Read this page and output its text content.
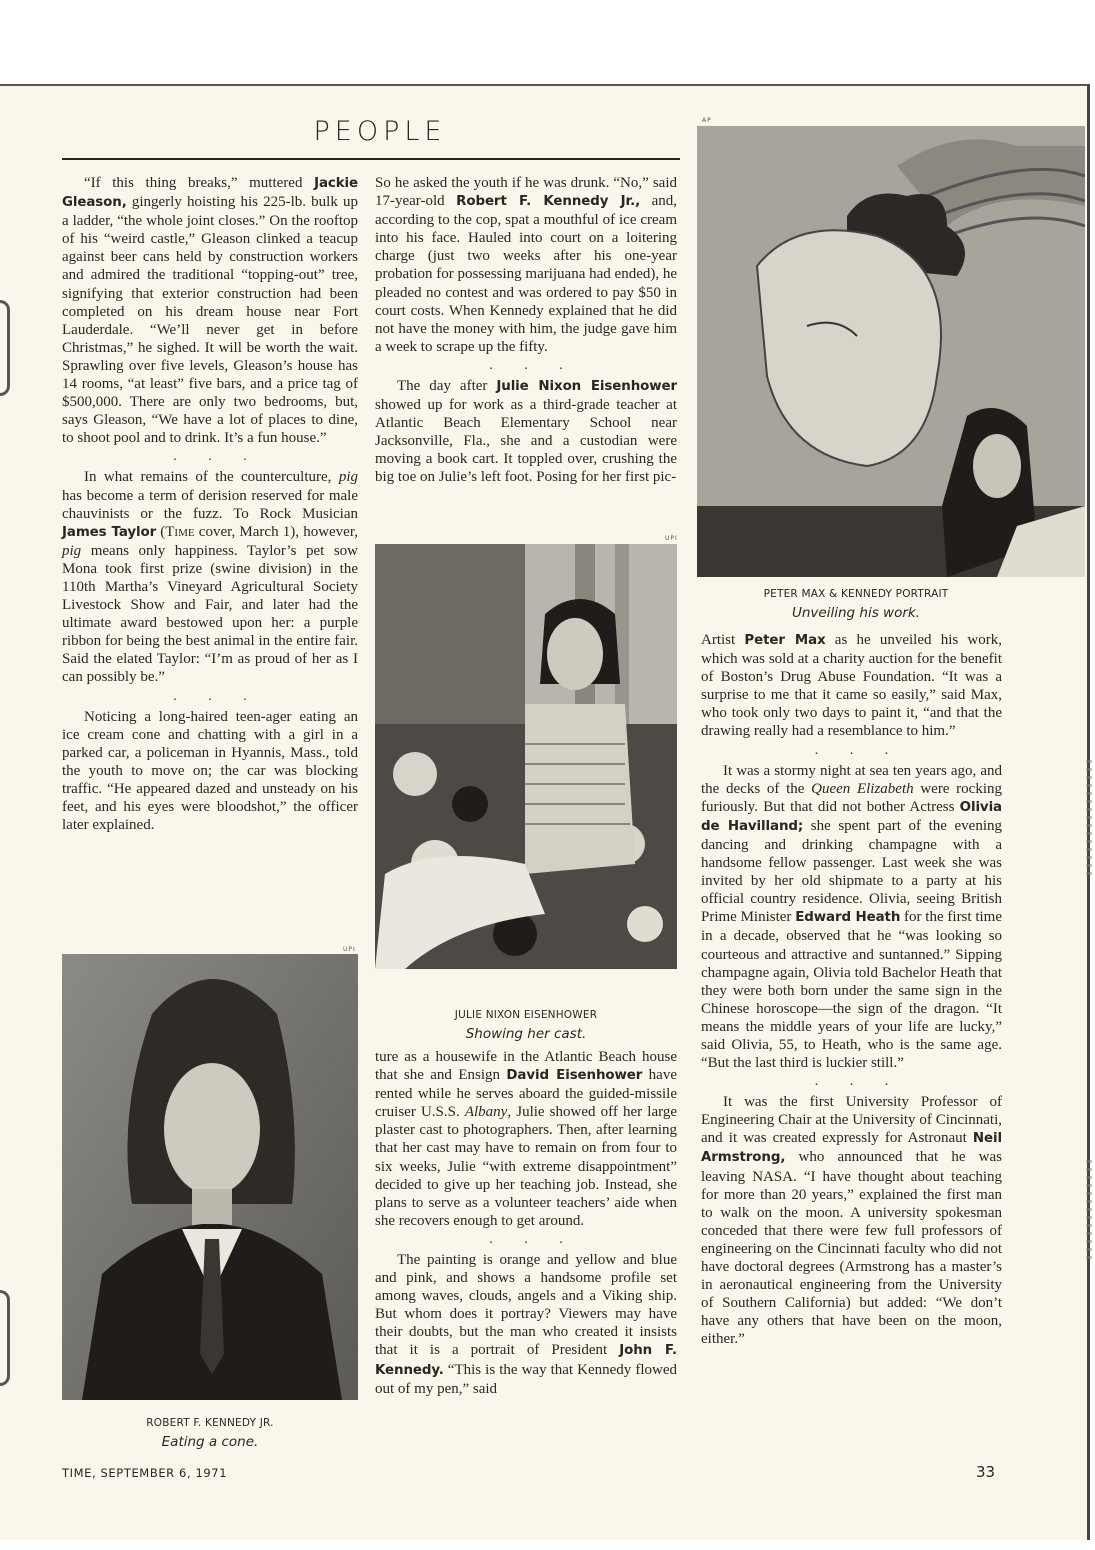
PEOPLE

“If this thing breaks,” muttered Jackie Gleason, gingerly hoisting his 225-lb. bulk up a ladder, “the whole joint closes.” On the rooftop of his “weird castle,” Gleason clinked a teacup against beer cans held by construction workers and admired the traditional “topping-out” tree, signifying that exterior construction had been completed on his dream house near Fort Lauderdale. “We’ll never get in before Christmas,” he sighed. It will be worth the wait. Sprawling over five levels, Gleason’s house has 14 rooms, “at least” five bars, and a price tag of $500,000. There are only two bedrooms, but, says Gleason, “We have a lot of places to dine, to shoot pool and to drink. It’s a fun house.”

. . .

In what remains of the counterculture, pig has become a term of derision reserved for male chauvinists or the fuzz. To Rock Musician James Taylor (Time cover, March 1), however, pig means only happiness. Taylor’s pet sow Mona took first prize (swine division) in the 110th Martha’s Vineyard Agricultural Society Livestock Show and Fair, and later had the ultimate award bestowed upon her: a purple ribbon for being the best animal in the entire fair. Said the elated Taylor: “I’m as proud of her as I can possibly be.”

. . .

Noticing a long-haired teen-ager eating an ice cream cone and chatting with a girl in a parked car, a policeman in Hyannis, Mass., told the youth to move on; the car was blocking traffic. “He appeared dazed and unsteady on his feet, and his eyes were bloodshot,” the officer later explained.

UPI
ROBERT F. KENNEDY JR.
Eating a cone.

So he asked the youth if he was drunk. “No,” said 17-year-old Robert F. Kennedy Jr., and, according to the cop, spat a mouthful of ice cream into his face. Hauled into court on a loitering charge (just two weeks after his one-year probation for possessing marijuana had ended), he pleaded no contest and was ordered to pay $50 in court costs. When Kennedy explained that he did not have the money with him, the judge gave him a week to scrape up the fifty.

. . .

The day after Julie Nixon Eisenhower showed up for work as a third-grade teacher at Atlantic Beach Elementary School near Jacksonville, Fla., she and a custodian were moving a book cart. It toppled over, crushing the big toe on Julie’s left foot. Posing for her first pic-

UPI
JULIE NIXON EISENHOWER
Showing her cast.

ture as a housewife in the Atlantic Beach house that she and Ensign David Eisenhower have rented while he serves aboard the guided-missile cruiser U.S.S. Albany, Julie showed off her large plaster cast to photographers. Then, after learning that her cast may have to remain on from four to six weeks, Julie “with extreme disappointment” decided to give up her teaching job. Instead, she plans to serve as a volunteer teachers’ aide when she recovers enough to get around.

. . .

The painting is orange and yellow and blue and pink, and shows a handsome profile set among waves, clouds, angels and a Viking ship. But whom does it portray? Viewers may have their doubts, but the man who created it insists that it is a portrait of President John F. Kennedy. “This is the way that Kennedy flowed out of my pen,” said

AP
PETER MAX & KENNEDY PORTRAIT
Unveiling his work.

Artist Peter Max as he unveiled his work, which was sold at a charity auction for the benefit of Boston’s Drug Abuse Foundation. “It was a surprise to me that it came so easily,” said Max, who took only two days to paint it, “and that the drawing really had a resemblance to him.”

. . .

It was a stormy night at sea ten years ago, and the decks of the Queen Elizabeth were rocking furiously. But that did not bother Actress Olivia de Havilland; she spent part of the evening dancing and drinking champagne with a handsome fellow passenger. Last week she was invited by her old shipmate to a party at his official country residence. Olivia, seeing British Prime Minister Edward Heath for the first time in a decade, observed that he “was looking so courteous and attractive and suntanned.” Sipping champagne again, Olivia told Bachelor Heath that they were both born under the same sign in the Chinese horoscope—the sign of the dragon. “It means the middle years of your life are lucky,” said Olivia, 55, to Heath, who is the same age. “But the last third is luckier still.”

. . .

It was the first University Professor of Engineering Chair at the University of Cincinnati, and it was created expressly for Astronaut Neil Armstrong, who announced that he was leaving NASA. “I have thought about teaching for more than 20 years,” explained the first man to walk on the moon. A university spokesman conceded that there were few full professors of engineering on the Cincinnati faculty who did not have doctoral degrees (Armstrong has a master’s in aeronautical engineering from the University of Southern California) but added: “We don’t have any others that have been on the moon, either.”

TIME, SEPTEMBER 6, 1971	33
